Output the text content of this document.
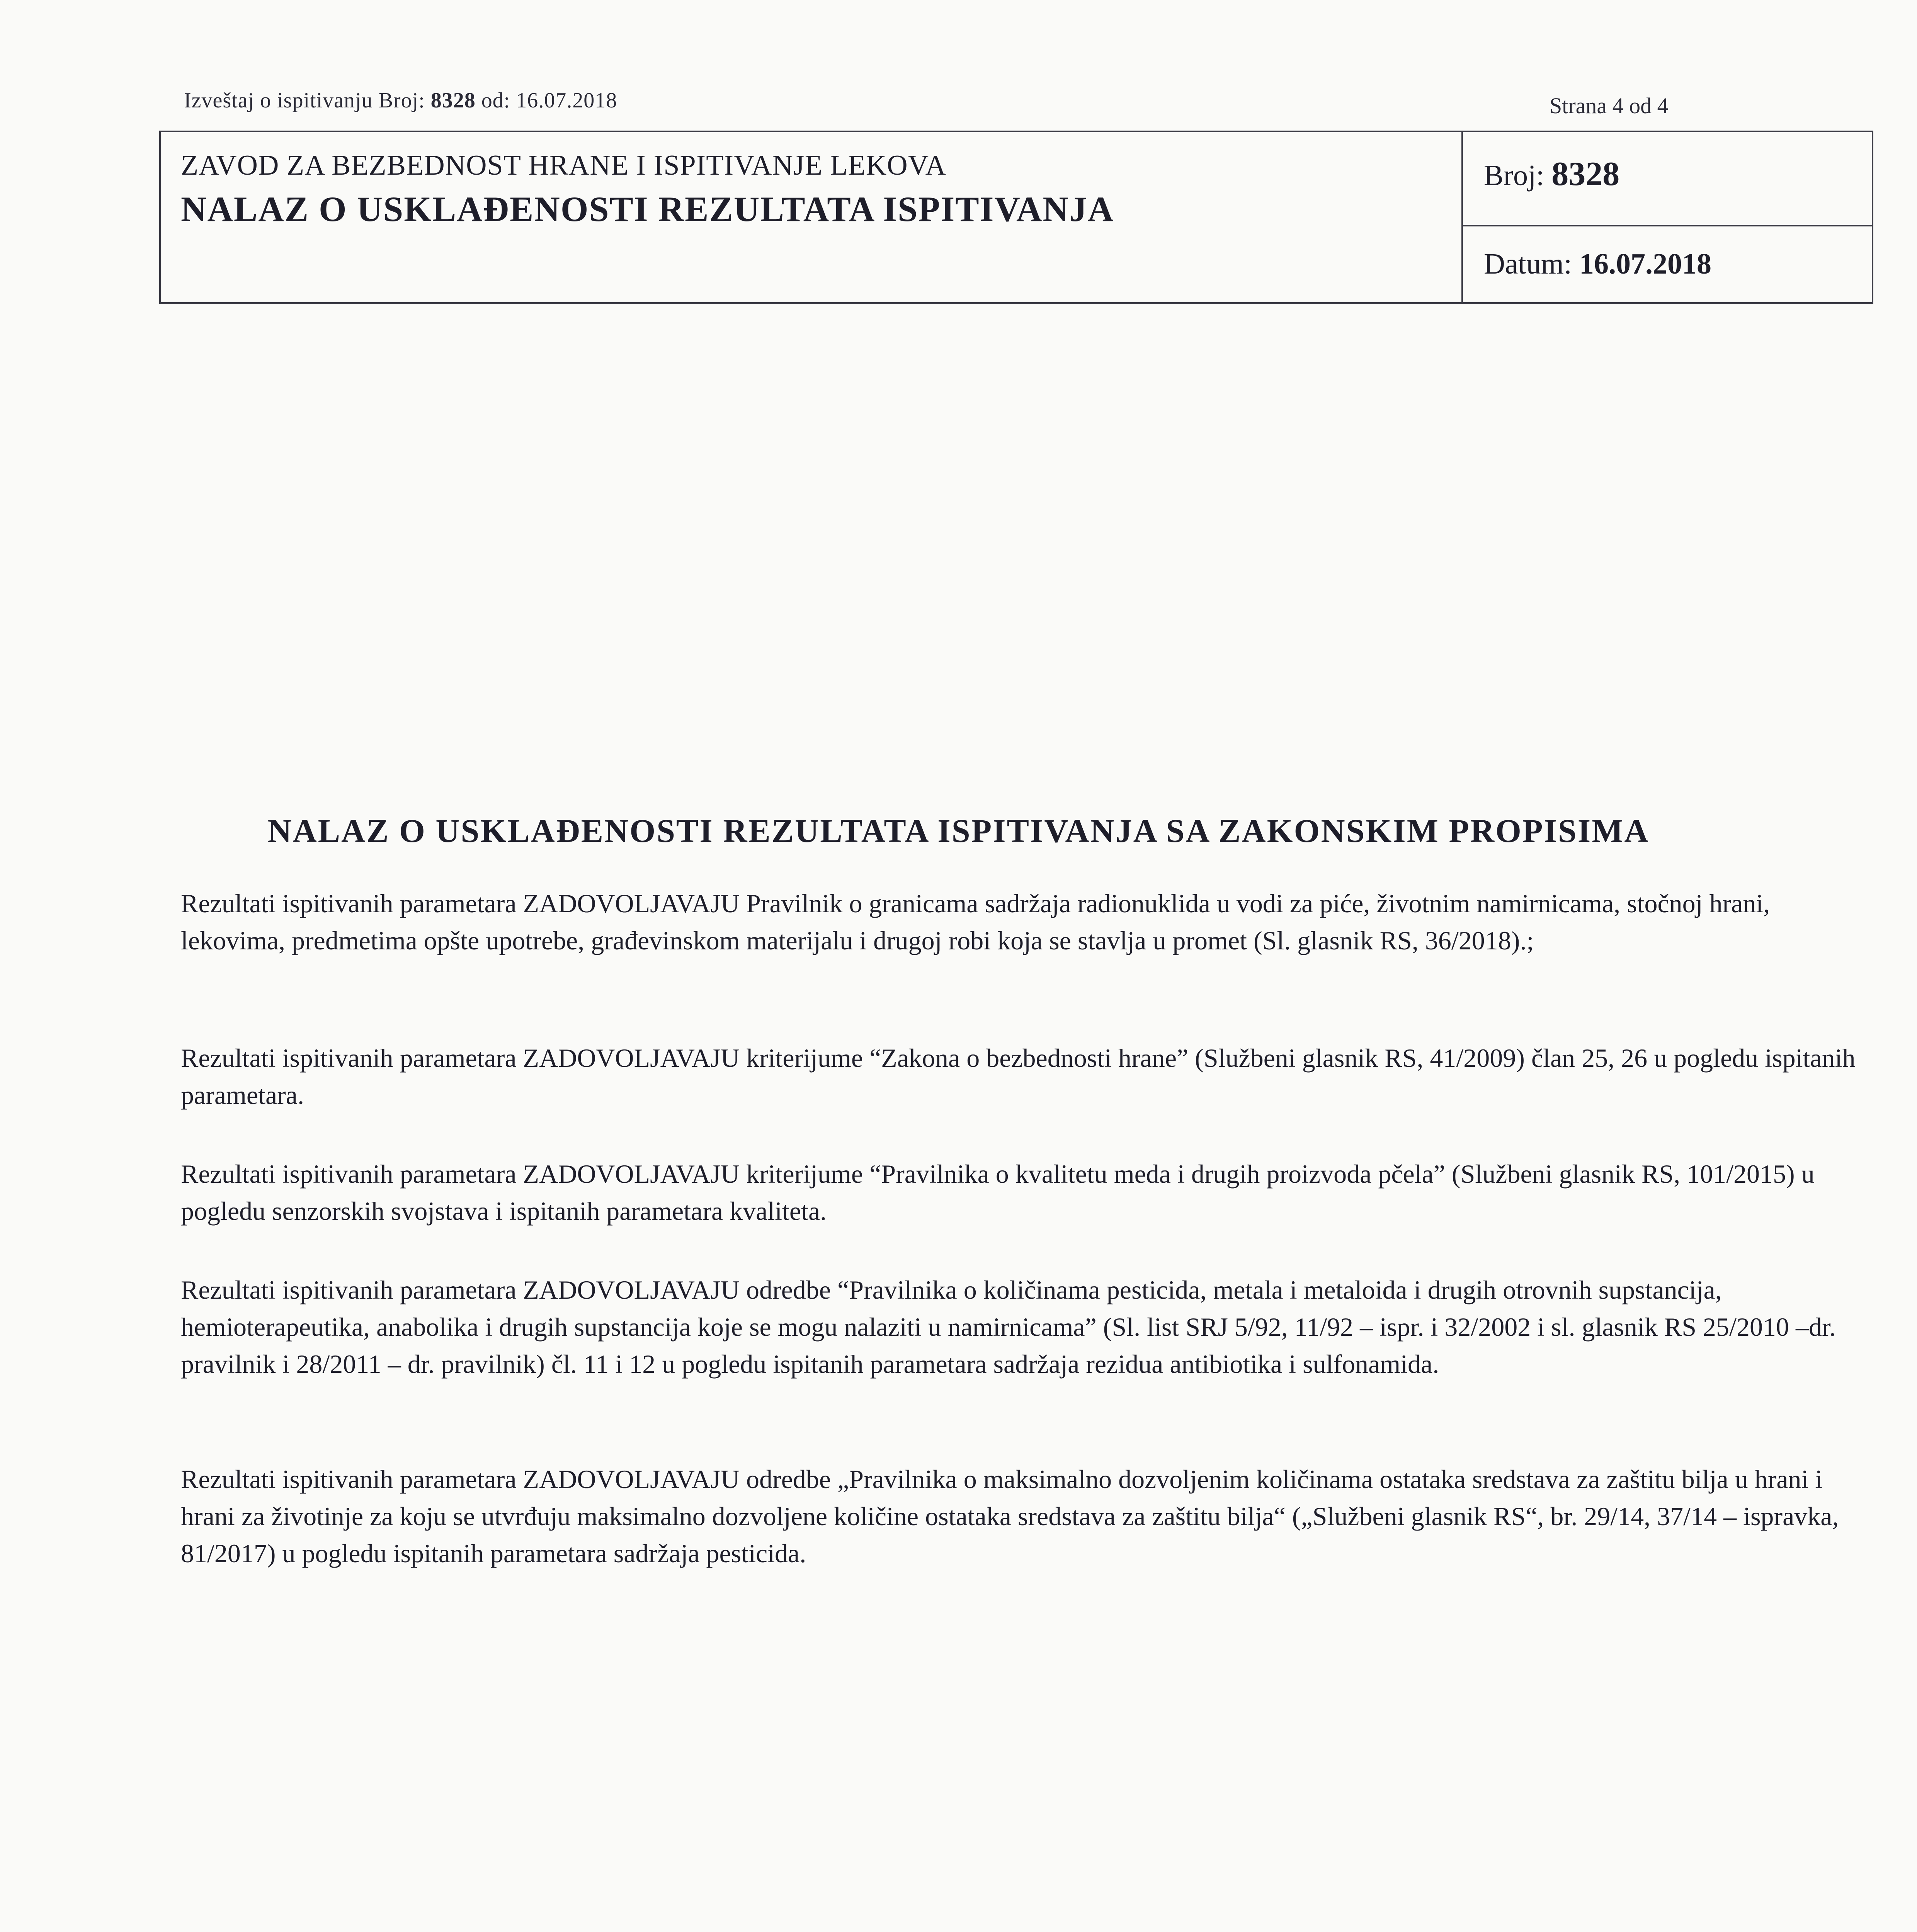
Izveštaj o ispitivanju Broj: 8328 od: 16.07.2018	Strana 4 od 4
ZAVOD ZA BEZBEDNOST HRANE I ISPITIVANJE LEKOVA
NALAZ O USKLAĐENOSTI REZULTATA ISPITIVANJA
Broj: 8328
Datum: 16.07.2018
NALAZ O USKLAĐENOSTI REZULTATA ISPITIVANJA SA ZAKONSKIM PROPISIMA
Rezultati ispitivanih parametara ZADOVOLJAVAJU Pravilnik o granicama sadržaja radionuklida u vodi za piće, životnim namirnicama, stočnoj hrani, lekovima, predmetima opšte upotrebe, građevinskom materijalu i drugoj robi koja se stavlja u promet (Sl. glasnik RS, 36/2018).;
Rezultati ispitivanih parametara ZADOVOLJAVAJU kriterijume “Zakona o bezbednosti hrane” (Službeni glasnik RS, 41/2009) član 25, 26 u pogledu ispitanih parametara.
Rezultati ispitivanih parametara ZADOVOLJAVAJU kriterijume “Pravilnika o kvalitetu meda i drugih proizvoda pčela” (Službeni glasnik RS, 101/2015) u pogledu senzorskih svojstava i ispitanih parametara kvaliteta.
Rezultati ispitivanih parametara ZADOVOLJAVAJU odredbe “Pravilnika o količinama pesticida, metala i metaloida i drugih otrovnih supstancija, hemioterapeutika, anabolika i drugih supstancija koje se mogu nalaziti u namirnicama” (Sl. list SRJ 5/92, 11/92 – ispr. i 32/2002 i sl. glasnik RS 25/2010 –dr. pravilnik i 28/2011 – dr. pravilnik) čl. 11 i 12 u pogledu ispitanih parametara sadržaja rezidua antibiotika i sulfonamida.
Rezultati ispitivanih parametara ZADOVOLJAVAJU odredbe „Pravilnika o maksimalno dozvoljenim količinama ostataka sredstava za zaštitu bilja u hrani i hrani za životinje za koju se utvrđuju maksimalno dozvoljene količine ostataka sredstava za zaštitu bilja“ („Službeni glasnik RS“, br. 29/14, 37/14 – ispravka, 81/2017) u pogledu ispitanih parametara sadržaja pesticida.
